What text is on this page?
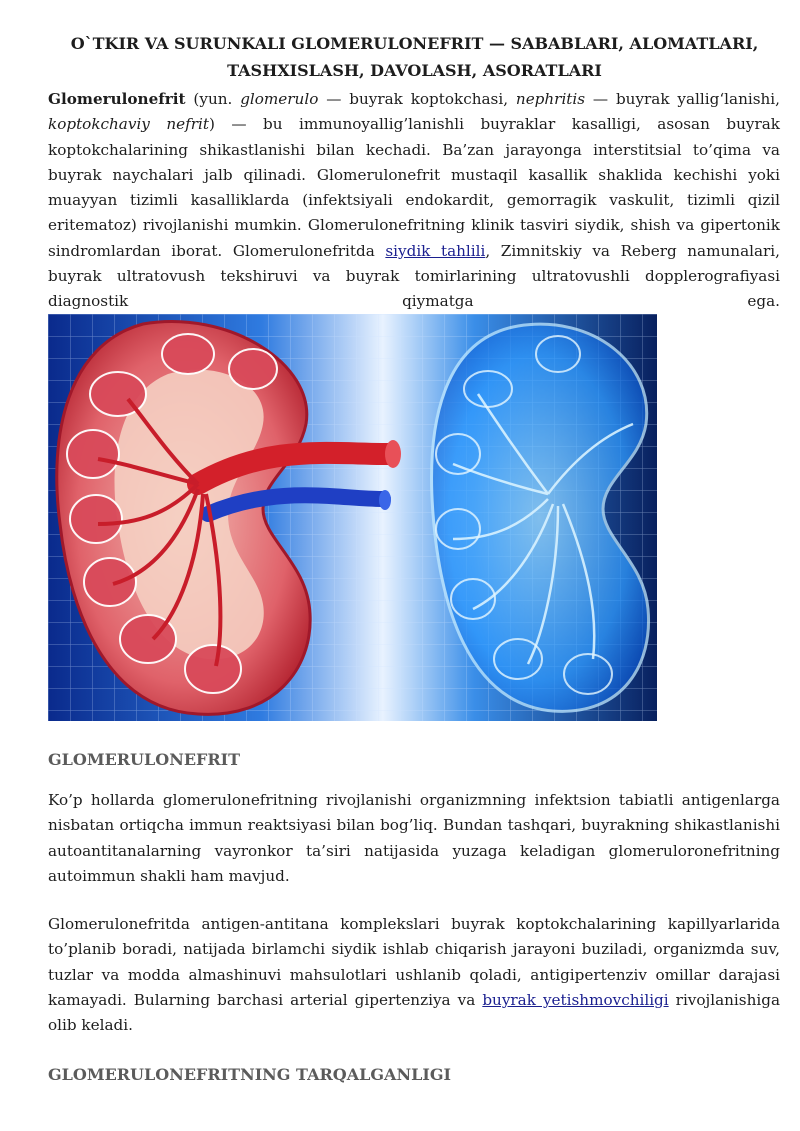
O`TKIR VA SURUNKALI GLOMERULONEFRIT — SABABLARI, ALOMATLARI, TASHXISLASH, DAVOLASH, ASORATLARI

Glomerulonefrit (yun. glomerulo — buyrak koptokchasi, nephritis — buyrak yallig‘lanishi, koptokchaviy nefrit) — bu immunoyallig’lanishli buyraklar kasalligi, asosan buyrak koptokchalarining shikastlanishi bilan kechadi. Ba’zan jarayonga interstitsial to’qima va buyrak naychalari jalb qilinadi. Glomerulonefrit mustaqil kasallik shaklida kechishi yoki muayyan tizimli kasalliklarda (infektsiyali endokardit, gemorragik vaskulit, tizimli qizil eritematoz) rivojlanishi mumkin. Glomerulonefritning klinik tasviri siydik, shish va gipertonik sindromlardan iborat. Glomerulonefritda siydik tahlili, Zimnitskiy va Reberg namunalari, buyrak ultratovush tekshiruvi va buyrak tomirlarining ultratovushli dopplerografiyasi diagnostik qiymatga ega.

GLOMERULONEFRIT

Ko’p hollarda glomerulonefritning rivojlanishi organizmning infektsion tabiatli antigenlarga nisbatan ortiqcha immun reaktsiyasi bilan bog’liq. Bundan tashqari, buyrakning shikastlanishi autoantitanalarning vayronkor ta’siri natijasida yuzaga keladigan glomeruloronefritning autoimmun shakli ham mavjud.

Glomerulonefritda antigen-antitana komplekslari buyrak koptokchalarining kapillyarlarida to’planib boradi, natijada birlamchi siydik ishlab chiqarish jarayoni buziladi, organizmda suv, tuzlar va modda almashinuvi mahsulotlari ushlanib qoladi, antigipertenziv omillar darajasi kamayadi. Bularning barchasi arterial gipertenziya va buyrak yetishmovchiligi rivojlanishiga olib keladi.

GLOMERULONEFRITNING TARQALGANLIGI
